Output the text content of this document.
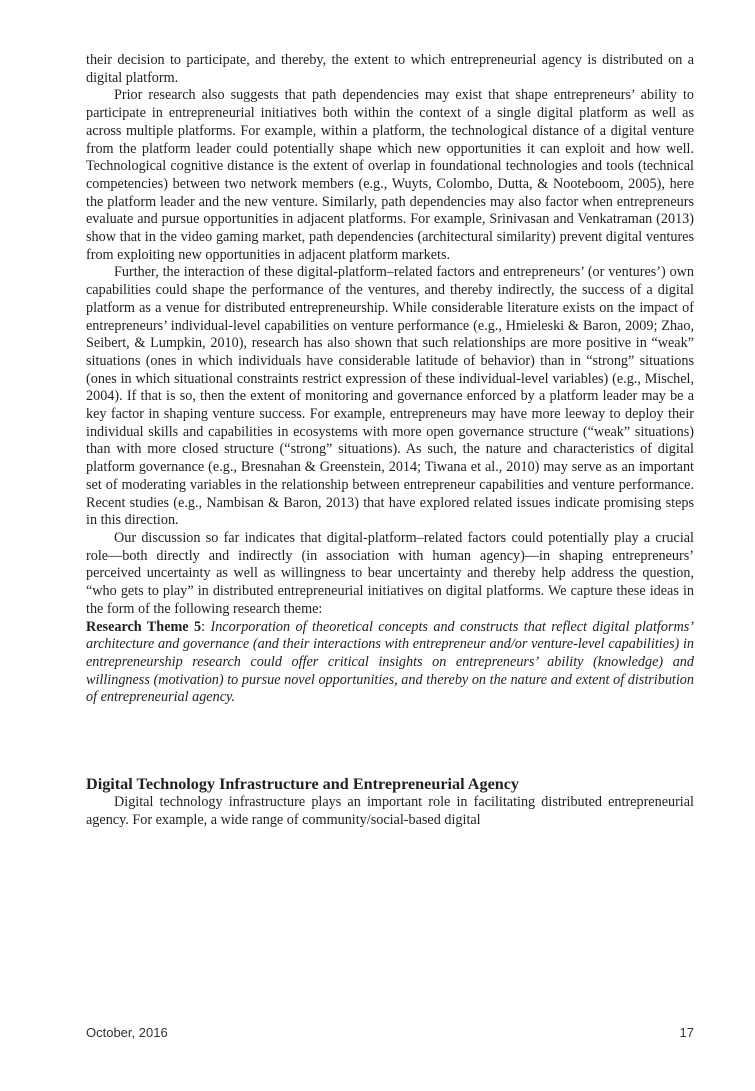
their decision to participate, and thereby, the extent to which entrepreneurial agency is distributed on a digital platform.

Prior research also suggests that path dependencies may exist that shape entrepreneurs’ ability to participate in entrepreneurial initiatives both within the context of a single digital platform as well as across multiple platforms. For example, within a platform, the technological distance of a digital venture from the platform leader could potentially shape which new opportunities it can exploit and how well. Technological cognitive distance is the extent of overlap in foundational technologies and tools (technical competencies) between two network members (e.g., Wuyts, Colombo, Dutta, & Nooteboom, 2005), here the platform leader and the new venture. Similarly, path dependencies may also factor when entrepreneurs evaluate and pursue opportunities in adjacent platforms. For example, Srinivasan and Venkatraman (2013) show that in the video gaming market, path dependencies (architectural similarity) prevent digital ventures from exploiting new opportunities in adjacent platform markets.

Further, the interaction of these digital-platform–related factors and entrepreneurs’ (or ventures’) own capabilities could shape the performance of the ventures, and thereby indirectly, the success of a digital platform as a venue for distributed entrepreneurship. While considerable literature exists on the impact of entrepreneurs’ individual-level capabilities on venture performance (e.g., Hmieleski & Baron, 2009; Zhao, Seibert, & Lumpkin, 2010), research has also shown that such relationships are more positive in “weak” situations (ones in which individuals have considerable latitude of behavior) than in “strong” situations (ones in which situational constraints restrict expression of these individual-level variables) (e.g., Mischel, 2004). If that is so, then the extent of monitoring and governance enforced by a platform leader may be a key factor in shaping venture success. For example, entrepreneurs may have more leeway to deploy their individual skills and capabilities in ecosystems with more open governance structure (“weak” situations) than with more closed structure (“strong” situations). As such, the nature and characteristics of digital platform governance (e.g., Bresnahan & Greenstein, 2014; Tiwana et al., 2010) may serve as an important set of moderating variables in the relationship between entrepreneur capabilities and venture performance. Recent studies (e.g., Nambisan & Baron, 2013) that have explored related issues indicate promising steps in this direction.

Our discussion so far indicates that digital-platform–related factors could potentially play a crucial role—both directly and indirectly (in association with human agency)—in shaping entrepreneurs’ perceived uncertainty as well as willingness to bear uncertainty and thereby help address the question, “who gets to play” in distributed entrepreneurial initiatives on digital platforms. We capture these ideas in the form of the following research theme:

Research Theme 5: Incorporation of theoretical concepts and constructs that reflect digital platforms’ architecture and governance (and their interactions with entrepreneur and/or venture-level capabilities) in entrepreneurship research could offer critical insights on entrepreneurs’ ability (knowledge) and willingness (motivation) to pursue novel opportunities, and thereby on the nature and extent of distribution of entrepreneurial agency.

Digital Technology Infrastructure and Entrepreneurial Agency

Digital technology infrastructure plays an important role in facilitating distributed entrepreneurial agency. For example, a wide range of community/social-based digital

October, 2016	17
